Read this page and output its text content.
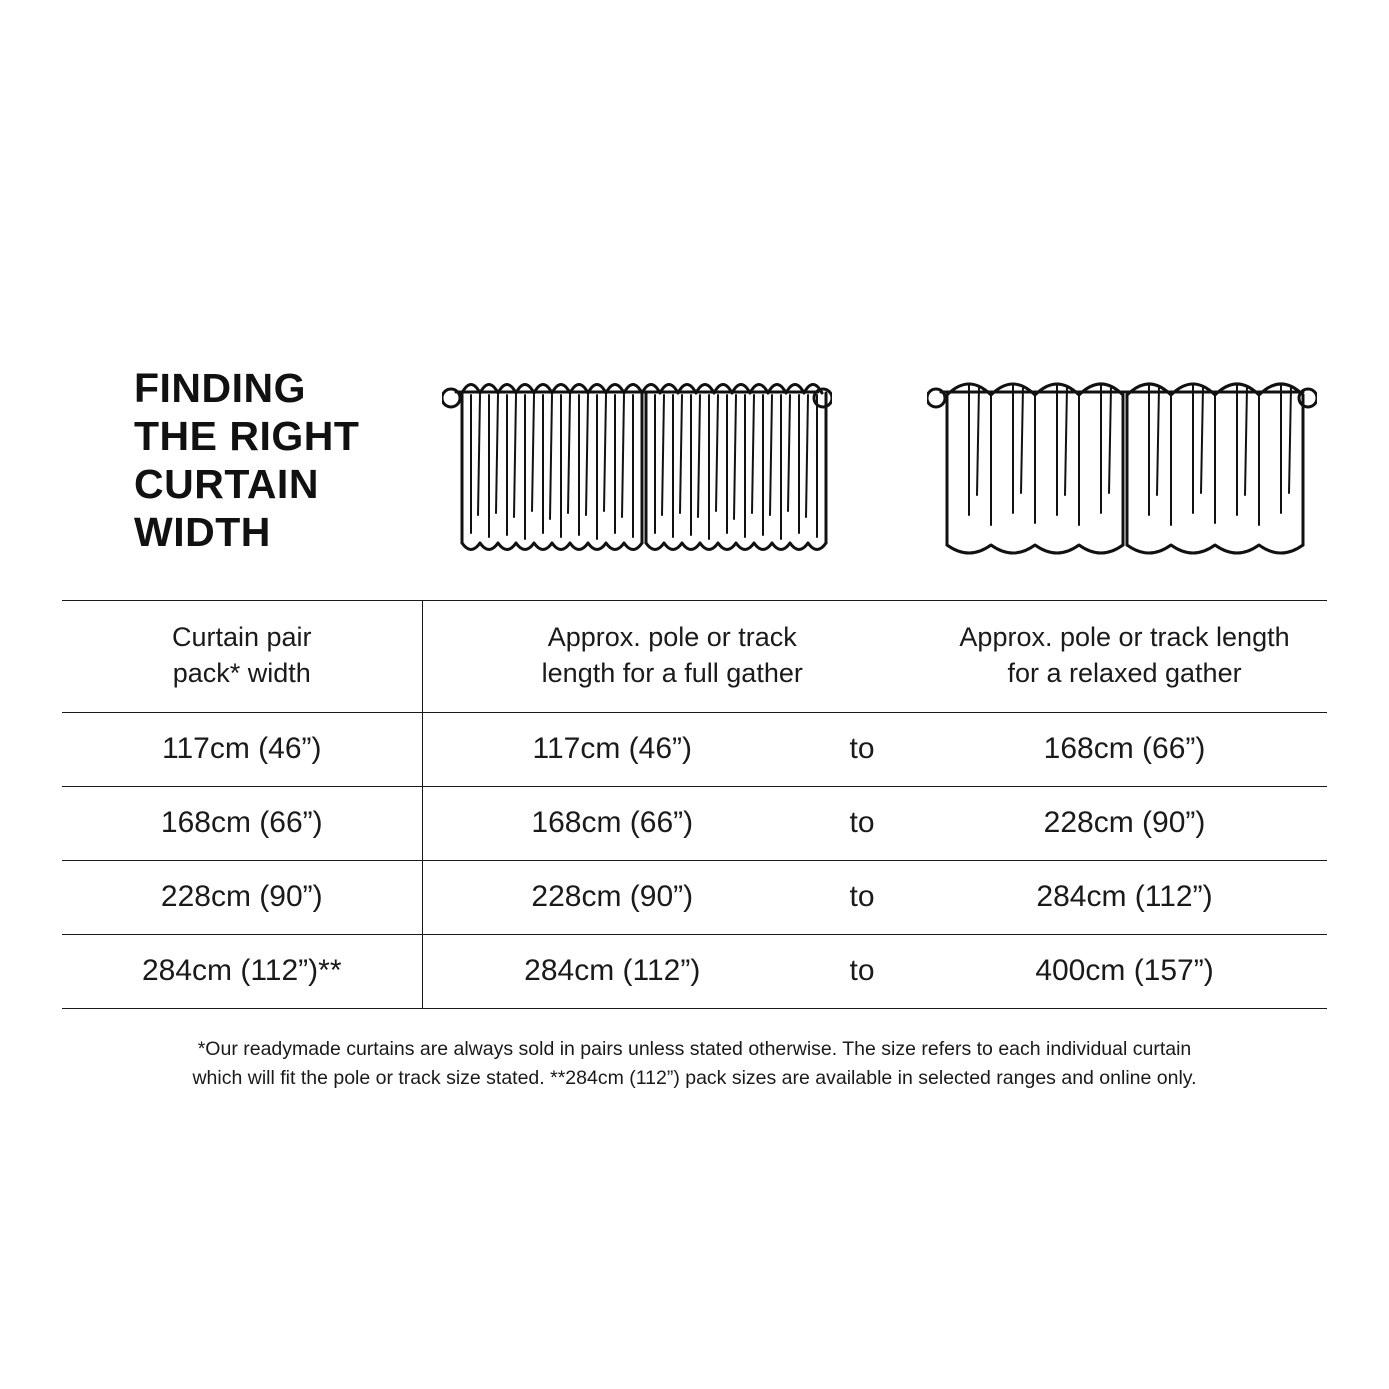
FINDING
THE RIGHT
CURTAIN
WIDTH
Curtain pair
pack* width	Approx. pole or track
length for a full gather		Approx. pole or track length
for a relaxed gather
117cm (46”)	117cm (46”)	to	168cm (66”)
168cm (66”)	168cm (66”)	to	228cm (90”)
228cm (90”)	228cm (90”)	to	284cm (112”)
284cm (112”)**	284cm (112”)	to	400cm (157”)
*Our readymade curtains are always sold in pairs unless stated otherwise. The size refers to each individual curtain
which will fit the pole or track size stated. **284cm (112”) pack sizes are available in selected ranges and online only.
